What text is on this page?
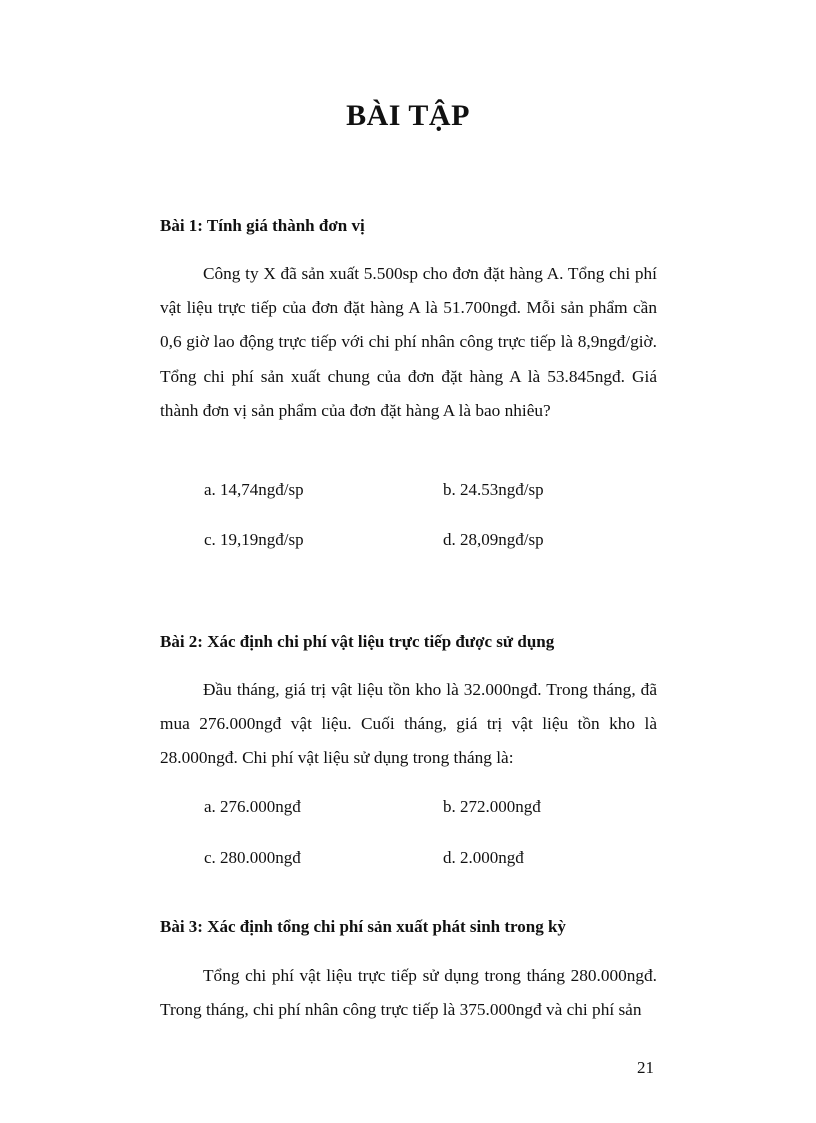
BÀI TẬP
Bài 1: Tính giá thành đơn vị

Công ty X đã sản xuất 5.500sp cho đơn đặt hàng A. Tổng chi phí vật liệu trực tiếp của đơn đặt hàng A là 51.700ngđ. Mỗi sản phẩm cần 0,6 giờ lao động trực tiếp với chi phí nhân công trực tiếp là 8,9ngđ/giờ. Tổng chi phí sản xuất chung của đơn đặt hàng A là 53.845ngđ. Giá thành đơn vị sản phẩm của đơn đặt hàng A là bao nhiêu?

a. 14,74ngđ/sp	b. 24.53ngđ/sp
c. 19,19ngđ/sp	d. 28,09ngđ/sp
Bài 2: Xác định chi phí vật liệu trực tiếp được sử dụng

Đầu tháng, giá trị vật liệu tồn kho là 32.000ngđ. Trong tháng, đã mua 276.000ngđ vật liệu. Cuối tháng, giá trị vật liệu tồn kho là 28.000ngđ. Chi phí vật liệu sử dụng trong tháng là:

a. 276.000ngđ	b. 272.000ngđ
c. 280.000ngđ	d. 2.000ngđ
Bài 3: Xác định tổng chi phí sản xuất phát sinh trong kỳ

Tổng chi phí vật liệu trực tiếp sử dụng trong tháng 280.000ngđ. Trong tháng, chi phí nhân công trực tiếp là 375.000ngđ và chi phí sản

21
